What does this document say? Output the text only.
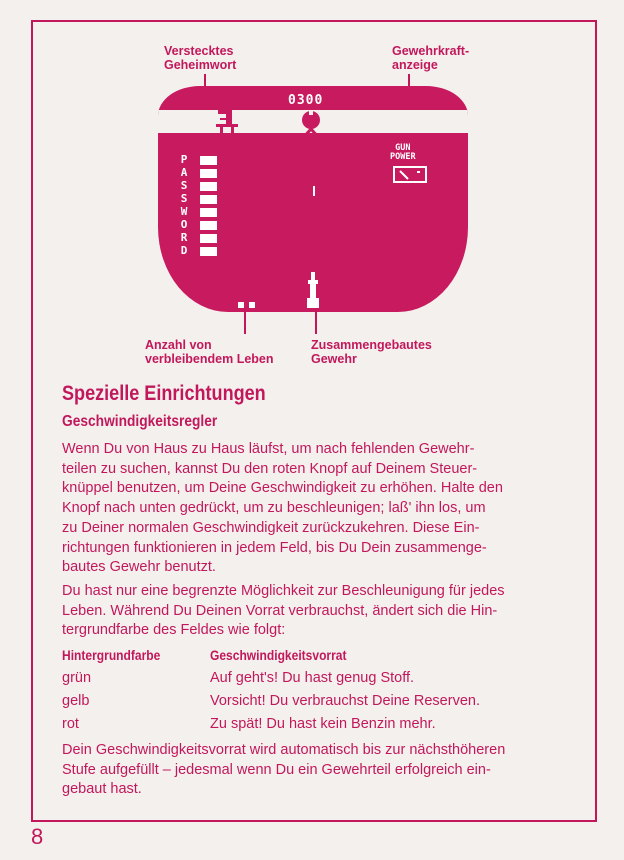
Verstecktes
Geheimwort
Gewehrkraft-
anzeige
0300
P
A
S
S
W
O
R
D
GUN
POWER
Anzahl von
verbleibendem Leben
Zusammengebautes
Gewehr
Spezielle Einrichtungen
Geschwindigkeitsregler
Wenn Du von Haus zu Haus läufst, um nach fehlenden Gewehr-
teilen zu suchen, kannst Du den roten Knopf auf Deinem Steuer-
knüppel benutzen, um Deine Geschwindigkeit zu erhöhen. Halte den
Knopf nach unten gedrückt, um zu beschleunigen; laß' ihn los, um
zu Deiner normalen Geschwindigkeit zurückzukehren. Diese Ein-
richtungen funktionieren in jedem Feld, bis Du Dein zusammenge-
bautes Gewehr benutzt.
Du hast nur eine begrenzte Möglichkeit zur Beschleunigung für jedes
Leben. Während Du Deinen Vorrat verbrauchst, ändert sich die Hin-
tergrundfarbe des Feldes wie folgt:
Hintergrundfarbe	Geschwindigkeitsvorrat
grün	Auf geht's! Du hast genug Stoff.
gelb	Vorsicht! Du verbrauchst Deine Reserven.
rot	Zu spät! Du hast kein Benzin mehr.
Dein Geschwindigkeitsvorrat wird automatisch bis zur nächsthöheren
Stufe aufgefüllt – jedesmal wenn Du ein Gewehrteil erfolgreich ein-
gebaut hast.
8
